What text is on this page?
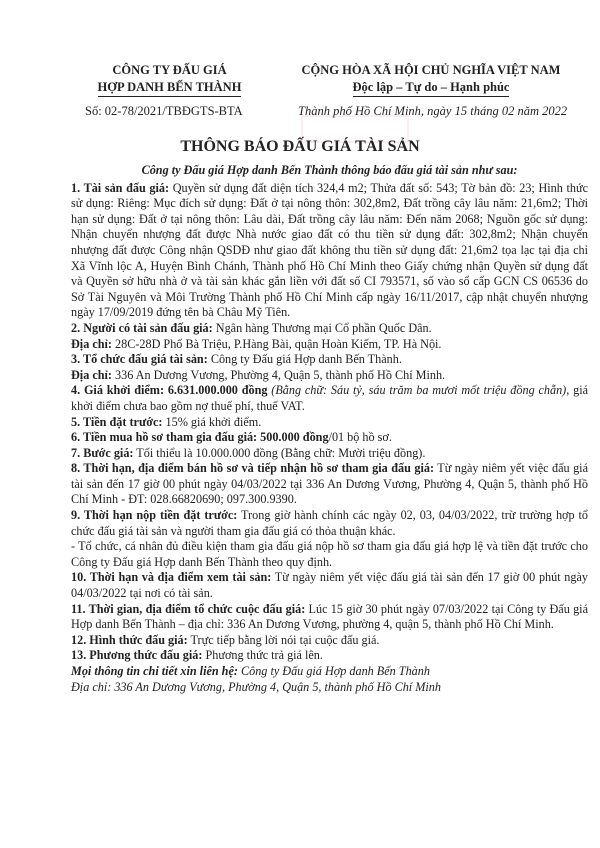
CÔNG TY ĐẤU GIÁ
HỢP DANH BẾN THÀNH
CỘNG HÒA XÃ HỘI CHỦ NGHĨA VIỆT NAM
Độc lập – Tự do – Hạnh phúc
Số: 02-78/2021/TBĐGTS-BTA	Thành phố Hồ Chí Minh, ngày 15 tháng 02 năm 2022
THÔNG BÁO ĐẤU GIÁ TÀI SẢN

Công ty Đấu giá Hợp danh Bến Thành thông báo đấu giá tài sản như sau:

1. Tài sản đấu giá: Quyền sử dụng đất diện tích 324,4 m2; Thửa đất số: 543; Tờ bản đồ: 23; Hình thức sử dụng: Riêng: Mục đích sử dụng: Đất ở tại nông thôn: 302,8m2, Đất trồng cây lâu năm: 21,6m2; Thời hạn sử dụng: Đất ở tại nông thôn: Lâu dài, Đất trồng cây lâu năm: Đến năm 2068; Nguồn gốc sử dụng: Nhận chuyển nhượng đất được Nhà nước giao đất có thu tiền sử dụng đất: 302,8m2; Nhận chuyển nhượng đất được Công nhận QSDĐ như giao đất không thu tiền sử dụng đất: 21,6m2 tọa lạc tại địa chỉ Xã Vĩnh lộc A, Huyện Bình Chánh, Thành phố Hồ Chí Minh theo Giấy chứng nhận Quyền sử dụng đất và Quyền sở hữu nhà ở và tài sản khác gắn liền với đất số CI 793571, số vào sổ cấp GCN CS 06536 do Sở Tài Nguyên và Môi Trường Thành phố Hồ Chí Minh cấp ngày 16/11/2017, cập nhật chuyển nhượng ngày 17/09/2019 đứng tên bà Châu Mỹ Tiên.

2. Người có tài sản đấu giá: Ngân hàng Thương mại Cổ phần Quốc Dân.

Địa chỉ: 28C-28D Phố Bà Triệu, P.Hàng Bài, quận Hoàn Kiếm, TP. Hà Nội.

3. Tổ chức đấu giá tài sản: Công ty Đấu giá Hợp danh Bến Thành.

Địa chỉ: 336 An Dương Vương, Phường 4, Quận 5, thành phố Hồ Chí Minh.

4. Giá khởi điểm: 6.631.000.000 đồng (Bằng chữ: Sáu tỷ, sáu trăm ba mươi mốt triệu đồng chẵn), giá khởi điểm chưa bao gồm nợ thuế phí, thuế VAT.

5. Tiền đặt trước: 15% giá khởi điểm.

6. Tiền mua hồ sơ tham gia đấu giá: 500.000 đồng/01 bộ hồ sơ.

7. Bước giá: Tối thiểu là 10.000.000 đồng (Bằng chữ: Mười triệu đồng).

8. Thời hạn, địa điểm bán hồ sơ và tiếp nhận hồ sơ tham gia đấu giá: Từ ngày niêm yết việc đấu giá tài sản đến 17 giờ 00 phút ngày 04/03/2022 tại 336 An Dương Vương, Phường 4, Quận 5, thành phố Hồ Chí Minh - ĐT: 028.66820690; 097.300.9390.

9. Thời hạn nộp tiền đặt trước: Trong giờ hành chính các ngày 02, 03, 04/03/2022, trừ trường hợp tổ chức đấu giá tài sản và người tham gia đấu giá có thỏa thuận khác.

- Tổ chức, cá nhân đủ điều kiện tham gia đấu giá nộp hồ sơ tham gia đấu giá hợp lệ và tiền đặt trước cho Công ty Đấu giá Hợp danh Bến Thành theo quy định.

10. Thời hạn và địa điểm xem tài sản: Từ ngày niêm yết việc đấu giá tài sản đến 17 giờ 00 phút ngày 04/03/2022 tại nơi có tài sản.

11. Thời gian, địa điểm tổ chức cuộc đấu giá: Lúc 15 giờ 30 phút ngày 07/03/2022 tại Công ty Đấu giá Hợp danh Bến Thành – địa chỉ: 336 An Dương Vương, phường 4, quận 5, thành phố Hồ Chí Minh.

12. Hình thức đấu giá: Trực tiếp bằng lời nói tại cuộc đấu giá.

13. Phương thức đấu giá: Phương thức trả giá lên.

Mọi thông tin chi tiết xin liên hệ: Công ty Đấu giá Hợp danh Bến Thành

Địa chỉ: 336 An Dương Vương, Phường 4, Quận 5, thành phố Hồ Chí Minh
